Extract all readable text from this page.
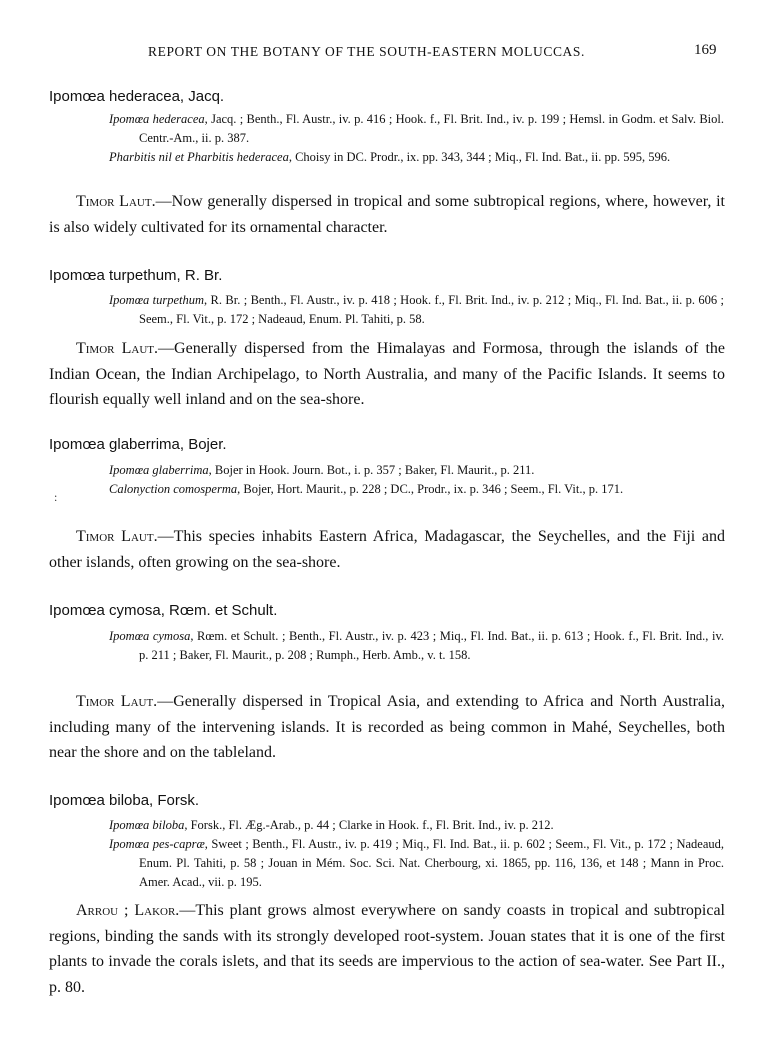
REPORT ON THE BOTANY OF THE SOUTH-EASTERN MOLUCCAS.	169
Ipomœa hederacea, Jacq.

Ipomœa hederacea, Jacq. ; Benth., Fl. Austr., iv. p. 416 ; Hook. f., Fl. Brit. Ind., iv. p. 199 ; Hemsl. in Godm. et Salv. Biol. Centr.-Am., ii. p. 387.

Pharbitis nil et Pharbitis hederacea, Choisy in DC. Prodr., ix. pp. 343, 344 ; Miq., Fl. Ind. Bat., ii. pp. 595, 596.

Timor Laut.—Now generally dispersed in tropical and some subtropical regions, where, however, it is also widely cultivated for its ornamental character.

Ipomœa turpethum, R. Br.

Ipomœa turpethum, R. Br. ; Benth., Fl. Austr., iv. p. 418 ; Hook. f., Fl. Brit. Ind., iv. p. 212 ; Miq., Fl. Ind. Bat., ii. p. 606 ; Seem., Fl. Vit., p. 172 ; Nadeaud, Enum. Pl. Tahiti, p. 58.

Timor Laut.—Generally dispersed from the Himalayas and Formosa, through the islands of the Indian Ocean, the Indian Archipelago, to North Australia, and many of the Pacific Islands. It seems to flourish equally well inland and on the sea-shore.

Ipomœa glaberrima, Bojer.

Ipomœa glaberrima, Bojer in Hook. Journ. Bot., i. p. 357 ; Baker, Fl. Maurit., p. 211.

Calonyction comosperma, Bojer, Hort. Maurit., p. 228 ; DC., Prodr., ix. p. 346 ; Seem., Fl. Vit., p. 171.

Timor Laut.—This species inhabits Eastern Africa, Madagascar, the Seychelles, and the Fiji and other islands, often growing on the sea-shore.

:
Ipomœa cymosa, Rœm. et Schult.

Ipomœa cymosa, Rœm. et Schult. ; Benth., Fl. Austr., iv. p. 423 ; Miq., Fl. Ind. Bat., ii. p. 613 ; Hook. f., Fl. Brit. Ind., iv. p. 211 ; Baker, Fl. Maurit., p. 208 ; Rumph., Herb. Amb., v. t. 158.

Timor Laut.—Generally dispersed in Tropical Asia, and extending to Africa and North Australia, including many of the intervening islands. It is recorded as being common in Mahé, Seychelles, both near the shore and on the tableland.

Ipomœa biloba, Forsk.

Ipomœa biloba, Forsk., Fl. Æg.-Arab., p. 44 ; Clarke in Hook. f., Fl. Brit. Ind., iv. p. 212.

Ipomœa pes-capræ, Sweet ; Benth., Fl. Austr., iv. p. 419 ; Miq., Fl. Ind. Bat., ii. p. 602 ; Seem., Fl. Vit., p. 172 ; Nadeaud, Enum. Pl. Tahiti, p. 58 ; Jouan in Mém. Soc. Sci. Nat. Cherbourg, xi. 1865, pp. 116, 136, et 148 ; Mann in Proc. Amer. Acad., vii. p. 195.

Arrou ; Lakor.—This plant grows almost everywhere on sandy coasts in tropical and subtropical regions, binding the sands with its strongly developed root-system. Jouan states that it is one of the first plants to invade the corals islets, and that its seeds are impervious to the action of sea-water. See Part II., p. 80.
